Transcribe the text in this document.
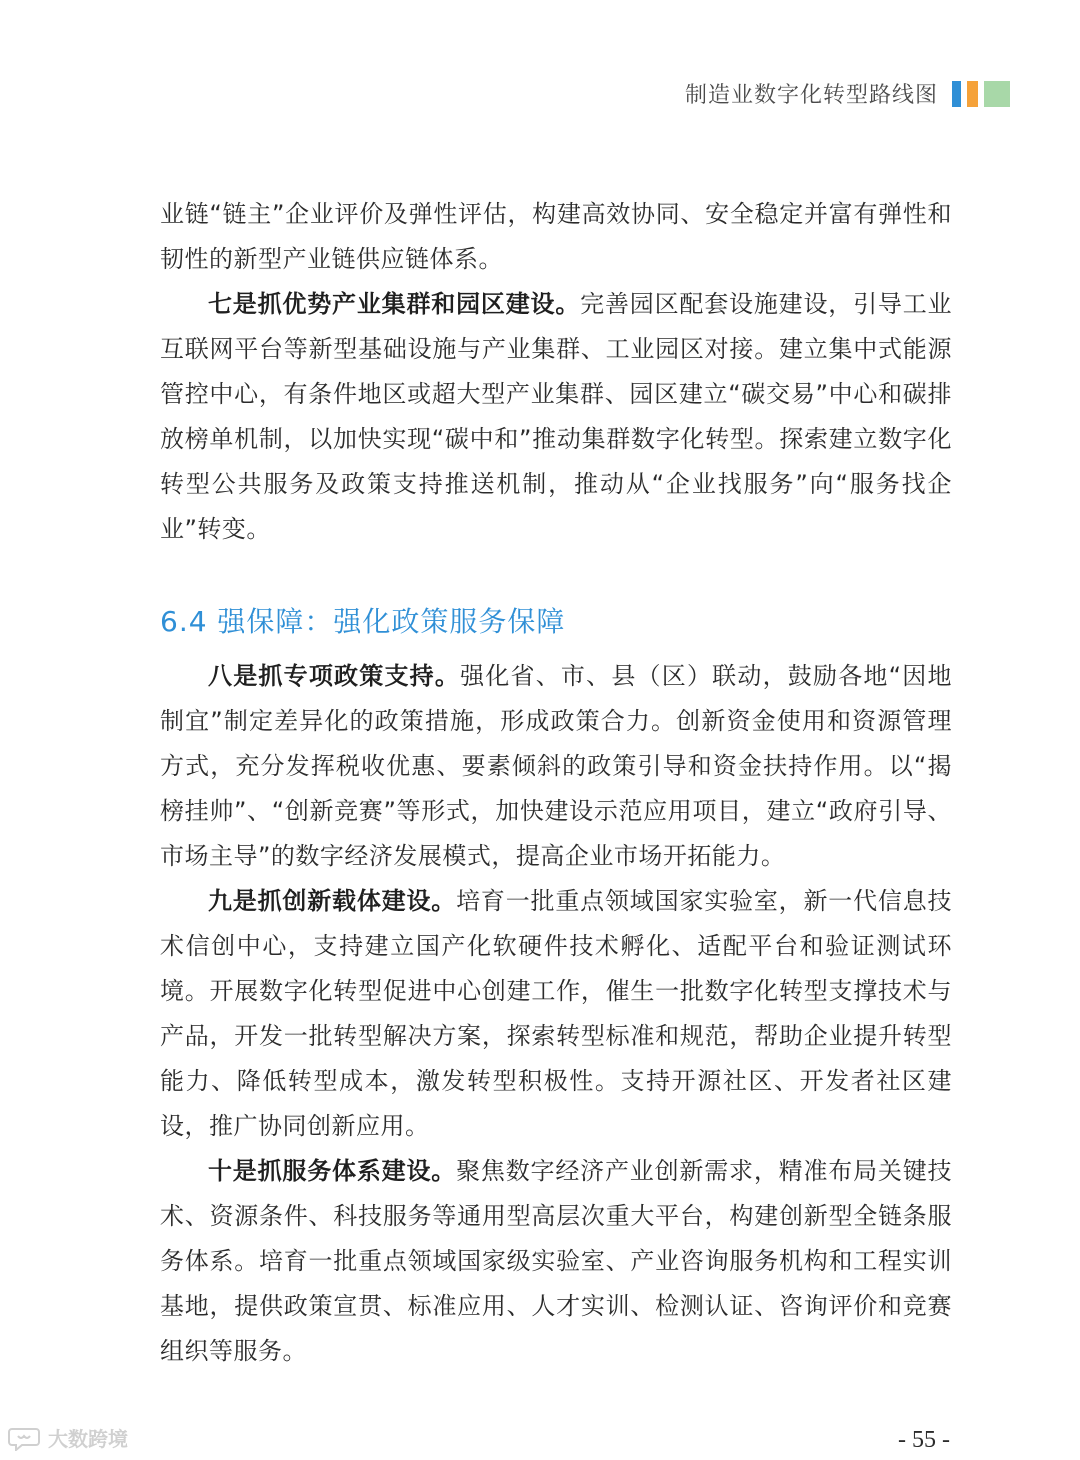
制造业数字化转型路线图

业链“链主”企业评价及弹性评估，构建高效协同、安全稳定并富有弹性和韧性的新型产业链供应链体系。

七是抓优势产业集群和园区建设。完善园区配套设施建设，引导工业互联网平台等新型基础设施与产业集群、工业园区对接。建立集中式能源管控中心，有条件地区或超大型产业集群、园区建立“碳交易”中心和碳排放榜单机制，以加快实现“碳中和”推动集群数字化转型。探索建立数字化转型公共服务及政策支持推送机制，推动从“企业找服务”向“服务找企业”转变。

6.4 强保障：强化政策服务保障

八是抓专项政策支持。强化省、市、县（区）联动，鼓励各地“因地制宜”制定差异化的政策措施，形成政策合力。创新资金使用和资源管理方式，充分发挥税收优惠、要素倾斜的政策引导和资金扶持作用。以“揭榜挂帅”、“创新竞赛”等形式，加快建设示范应用项目，建立“政府引导、市场主导”的数字经济发展模式，提高企业市场开拓能力。

九是抓创新载体建设。培育一批重点领域国家实验室，新一代信息技术信创中心，支持建立国产化软硬件技术孵化、适配平台和验证测试环境。开展数字化转型促进中心创建工作，催生一批数字化转型支撑技术与产品，开发一批转型解决方案，探索转型标准和规范，帮助企业提升转型能力、降低转型成本，激发转型积极性。支持开源社区、开发者社区建设，推广协同创新应用。

十是抓服务体系建设。聚焦数字经济产业创新需求，精准布局关键技术、资源条件、科技服务等通用型高层次重大平台，构建创新型全链条服务体系。培育一批重点领域国家级实验室、产业咨询服务机构和工程实训基地，提供政策宣贯、标准应用、人才实训、检测认证、咨询评价和竞赛组织等服务。

大数跨境	- 55 -
